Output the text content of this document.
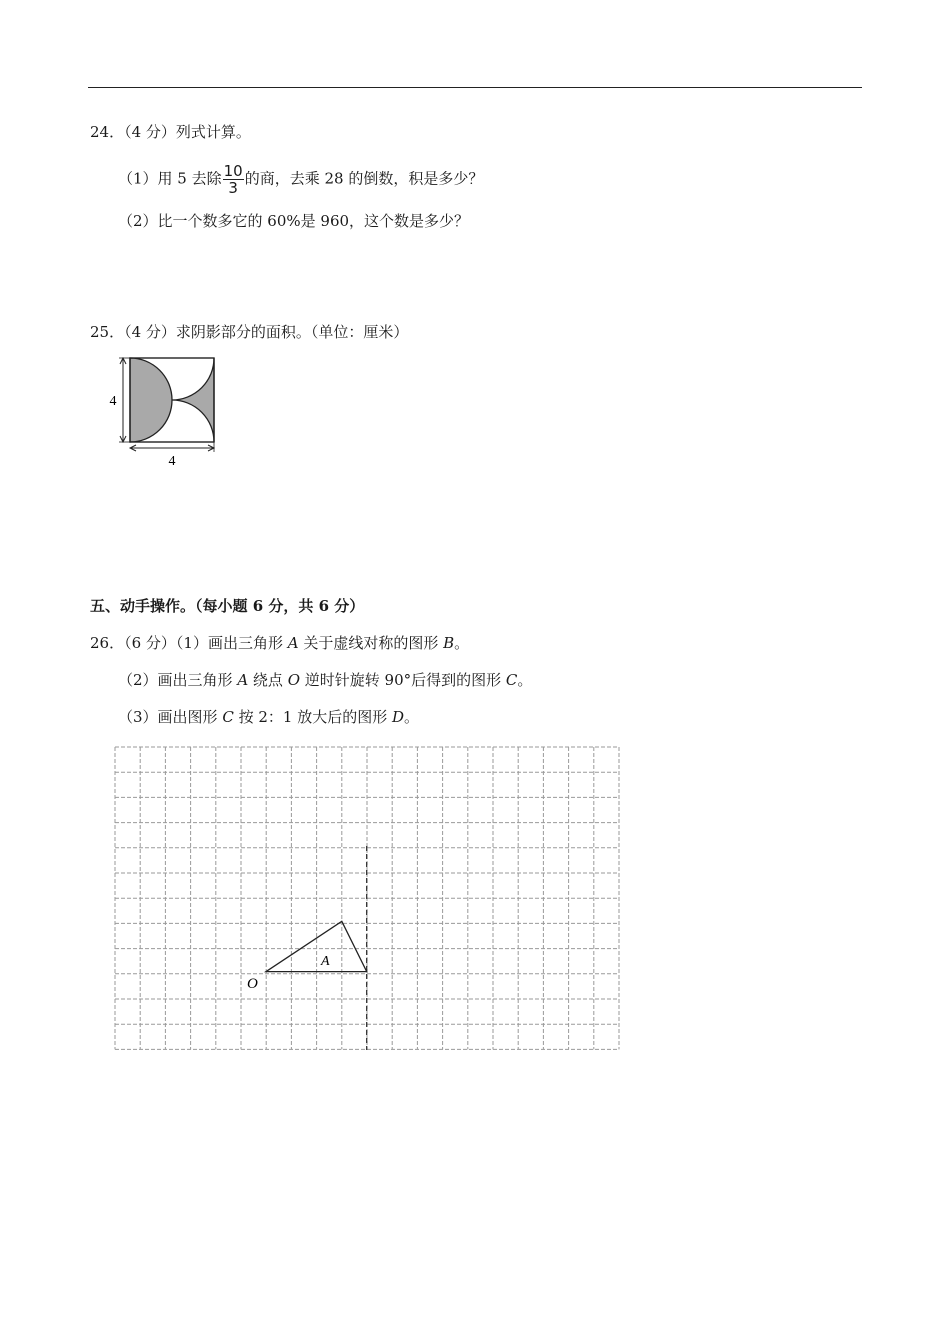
24．（4 分）列式计算。
（1）用 5 去除 $\frac{10}{3}$ 的商，去乘 28 的倒数，积是多少？
（2）比一个数多它的 60%是 960，这个数是多少？
25．（4 分）求阴影部分的面积。（单位：厘米）
4
4
五、动手操作。（每小题 6 分，共 6 分）
26．（6 分）（1）画出三角形 A 关于虚线对称的图形 B。
（2）画出三角形 A 绕点 O 逆时针旋转 90°后得到的图形 C。
（3）画出图形 C 按 2：1 放大后的图形 D。
O
A
